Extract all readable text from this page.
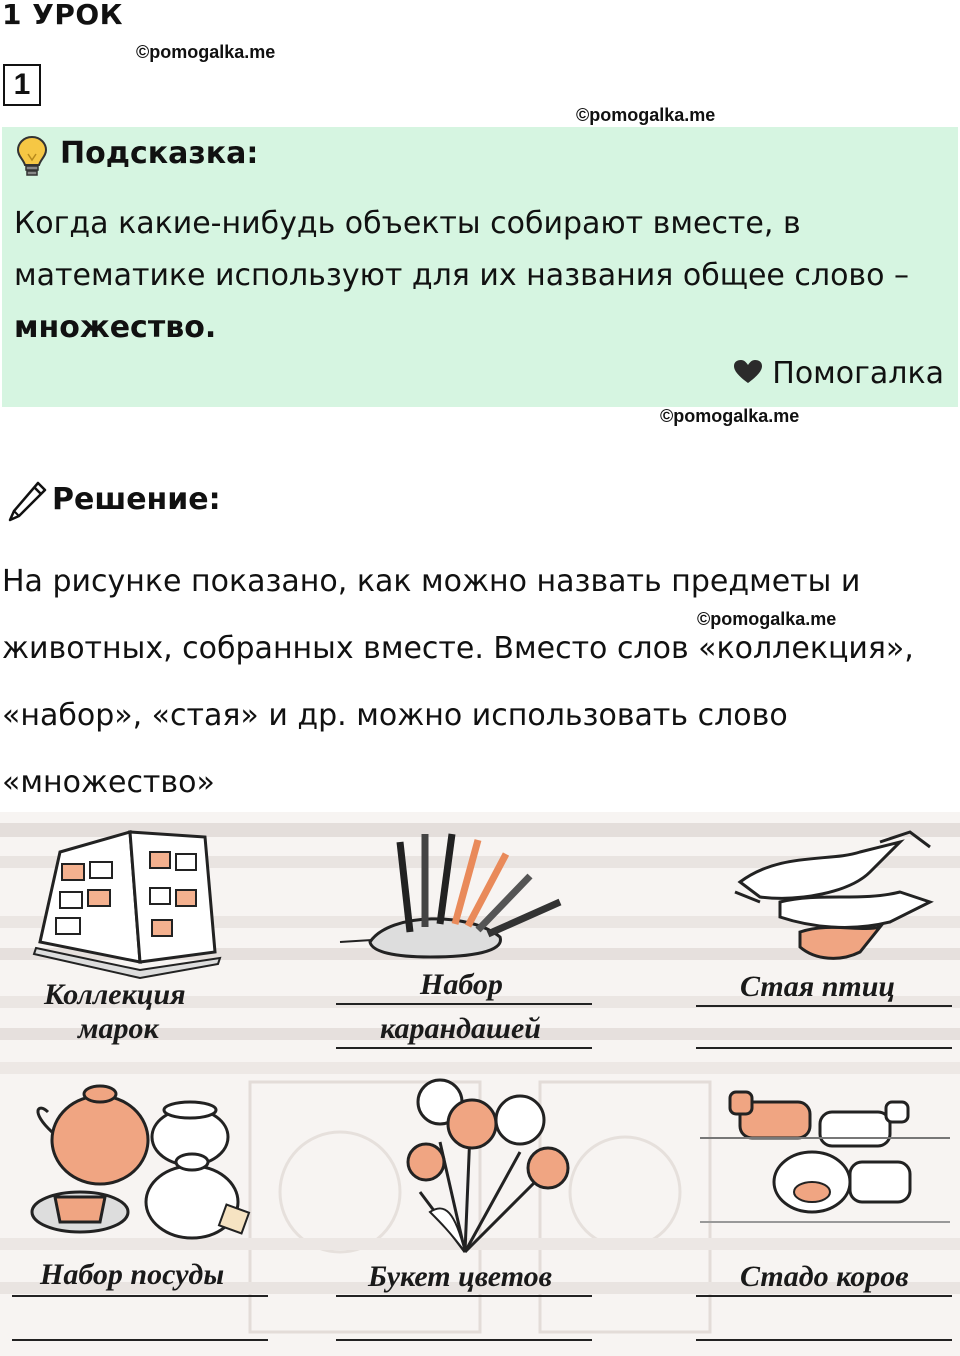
1 УРОК
©pomogalka.me
1
©pomogalka.me
Подсказка:
Когда какие-нибудь объекты собирают вместе, в математике используют для их названия общее слово –
множество.
Помогалка
©pomogalka.me
Решение:
На рисунке показано, как можно назвать предметы и
животных, собранных вместе. Вместо слов «коллекция»,
«набор», «стая» и др. можно использовать слово
«множество»
©pomogalka.me
Коллекция
марок
Набор
карандашей
Стая птиц
Набор посуды	Букет цветов	Стадо коров
